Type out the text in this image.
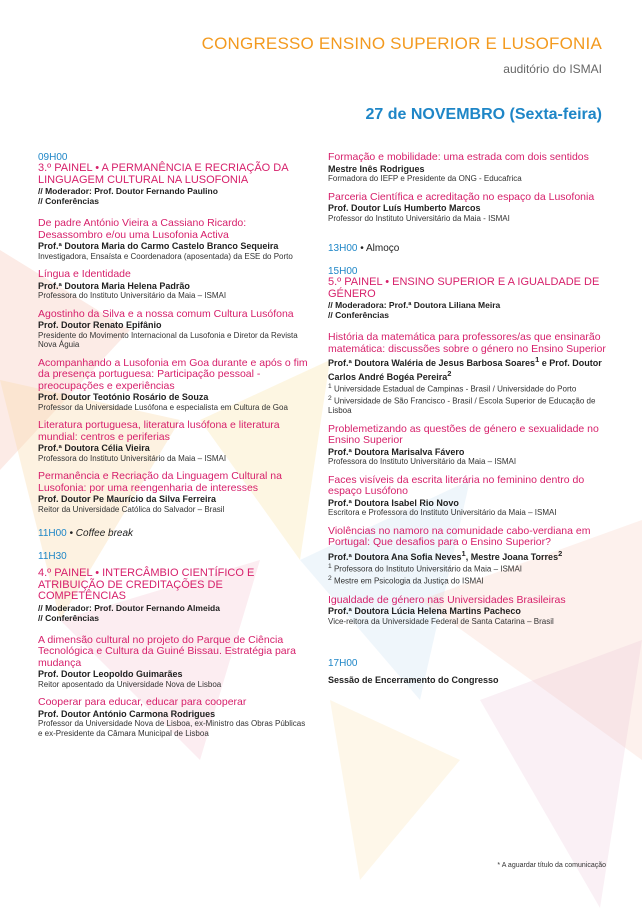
CONGRESSO ENSINO SUPERIOR E LUSOFONIA
auditório do ISMAI
27 de NOVEMBRO (Sexta-feira)
09H00
3.º PAINEL • A PERMANÊNCIA E RECRIAÇÃO DA LINGUAGEM CULTURAL NA LUSOFONIA
// Moderador: Prof. Doutor Fernando Paulino
// Conferências
De padre António Vieira a Cassiano Ricardo: Desassombro e/ou uma Lusofonia Activa
Prof.ª Doutora Maria do Carmo Castelo Branco Sequeira
Investigadora, Ensaísta e Coordenadora (aposentada) da ESE do Porto
Língua e Identidade
Prof.ª Doutora Maria Helena Padrão
Professora do Instituto Universitário da Maia – ISMAI
Agostinho da Silva e a nossa comum Cultura Lusófona
Prof. Doutor Renato Epifânio
Presidente do Movimento Internacional da Lusofonia e Diretor da Revista Nova Águia
Acompanhando a Lusofonia em Goa durante e após o fim da presença portuguesa: Participação pessoal - preocupações e experiências
Prof. Doutor Teotónio Rosário de Souza
Professor da Universidade Lusófona e especialista em Cultura de Goa
Literatura portuguesa, literatura lusófona e literatura mundial: centros e periferias
Prof.ª Doutora Célia Vieira
Professora do Instituto Universitário da Maia – ISMAI
Permanência e Recriação da Linguagem Cultural na Lusofonia: por uma reengenharia de interesses
Prof. Doutor Pe Maurício da Silva Ferreira
Reitor da Universidade Católica do Salvador – Brasil
11H00 • Coffee break
11H30
4.º PAINEL • INTERCÂMBIO CIENTÍFICO E ATRIBUIÇÃO DE CREDITAÇÕES DE COMPETÊNCIAS
// Moderador: Prof. Doutor Fernando Almeida
// Conferências
A dimensão cultural no projeto do Parque de Ciência Tecnológica e Cultura da Guiné Bissau. Estratégia para mudança
Prof. Doutor Leopoldo Guimarães
Reitor aposentado da Universidade Nova de Lisboa
Cooperar para educar, educar para cooperar
Prof. Doutor António Carmona Rodrigues
Professor da Universidade Nova de Lisboa, ex-Ministro das Obras Públicas e ex-Presidente da Câmara Municipal de Lisboa
Formação e mobilidade: uma estrada com dois sentidos
Mestre Inês Rodrigues
Formadora do IEFP e Presidente da ONG - Educafrica
Parceria Científica e acreditação no espaço da Lusofonia
Prof. Doutor Luís Humberto Marcos
Professor do Instituto Universitário da Maia - ISMAI
13H00 • Almoço
15H00
5.º PAINEL • ENSINO SUPERIOR E A IGUALDADE DE GÉNERO
// Moderadora: Prof.ª Doutora Liliana Meira
// Conferências
História da matemática para professores/as que ensinarão matemática: discussões sobre o género no Ensino Superior
Prof.ª Doutora Waléria de Jesus Barbosa Soares$^1$ e Prof. Doutor Carlos André Bogéa Pereira$^2$
$^1$ Universidade Estadual de Campinas - Brasil / Universidade do Porto
$^2$ Universidade de São Francisco - Brasil / Escola Superior de Educação de Lisboa
Problemetizando as questões de género e sexualidade no Ensino Superior
Prof.ª Doutora Marisalva Fávero
Professora do Instituto Universitário da Maia – ISMAI
Faces visíveis da escrita literária no feminino dentro do espaço Lusófono
Prof.ª Doutora Isabel Rio Novo
Escritora e Professora do Instituto Universitário da Maia – ISMAI
Violências no namoro na comunidade cabo-verdiana em Portugal: Que desafios para o Ensino Superior?
Prof.ª Doutora Ana Sofia Neves$^1$, Mestre Joana Torres$^2$
$^1$ Professora do Instituto Universitário da Maia – ISMAI
$^2$ Mestre em Psicologia da Justiça do ISMAI
Igualdade de género nas Universidades Brasileiras
Prof.ª Doutora Lúcia Helena Martins Pacheco
Vice-reitora da Universidade Federal de Santa Catarina – Brasil
17H00
Sessão de Encerramento do Congresso
* A aguardar título da comunicação
